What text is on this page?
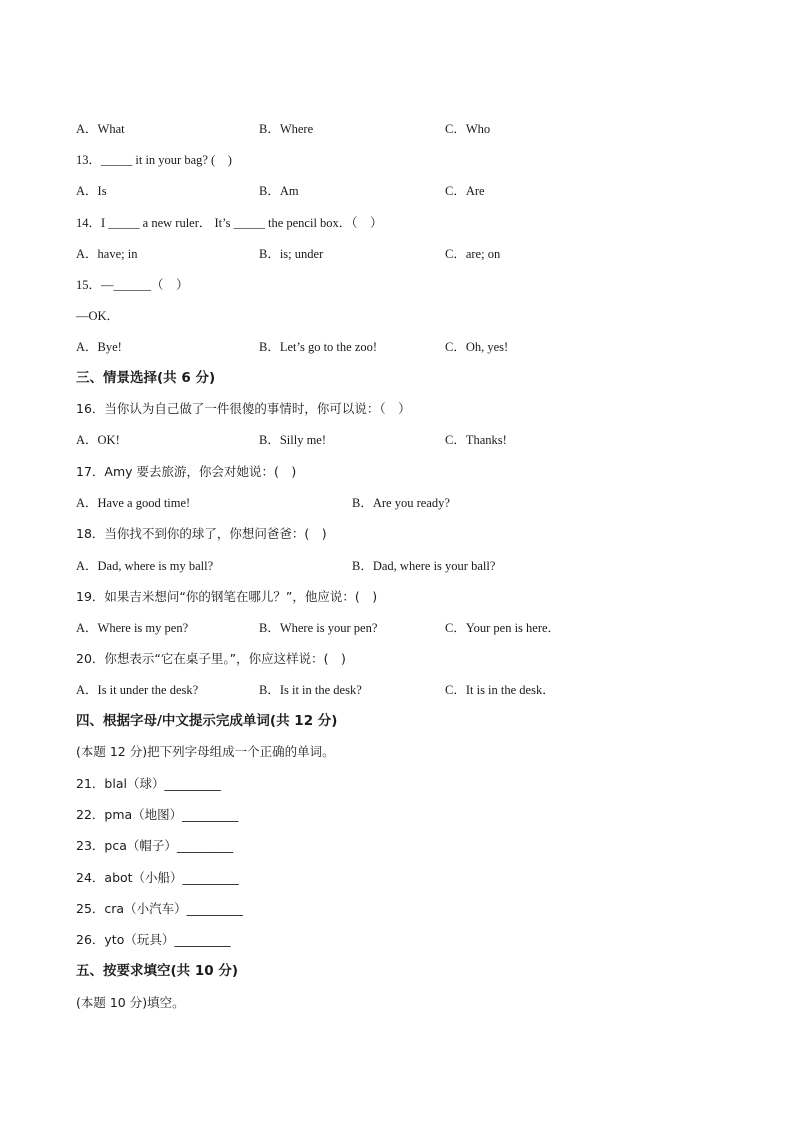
A．What	B．Where	C．Who
13．_____ it in your bag? (　)
A．Is	B．Am	C．Are
14．I _____ a new ruler． It’s _____ the pencil box．（　）
A．have; in	B．is; under	C．are; on
15．—______（　）
—OK．
A．Bye!	B．Let’s go to the zoo!	C．Oh, yes!
三、情景选择(共 6 分)
16．当你认为自己做了一件很傻的事情时，你可以说：（　）
A．OK!	B．Silly me!	C．Thanks!
17．Amy 要去旅游，你会对她说：(　)
A．Have a good time!	B．Are you ready?
18．当你找不到你的球了，你想问爸爸：(　)
A．Dad, where is my ball?	B．Dad, where is your ball?
19．如果吉米想问“你的钢笔在哪儿？”，他应说：(　)
A．Where is my pen?	B．Where is your pen?	C．Your pen is here．
20．你想表示“它在桌子里。”，你应这样说：(　)
A．Is it under the desk?	B．Is it in the desk?	C．It is in the desk．
四、根据字母/中文提示完成单词(共 12 分)
(本题 12 分)把下列字母组成一个正确的单词。
21．blal（球）_________
22．pma（地图）_________
23．pca（帽子）_________
24．abot（小船）_________
25．cra（小汽车）_________
26．yto（玩具）_________
五、按要求填空(共 10 分)
(本题 10 分)填空。
